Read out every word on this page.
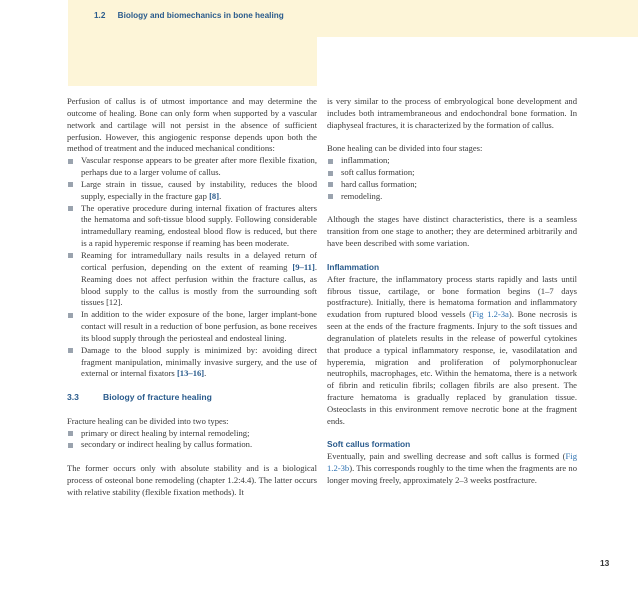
1.2 Biology and biomechanics in bone healing

Perfusion of callus is of utmost importance and may determine the outcome of healing. Bone can only form when supported by a vascular network and cartilage will not persist in the absence of sufficient perfusion. However, this angiogenic response depends upon both the method of treatment and the induced mechanical conditions:

Vascular response appears to be greater after more flexible fixation, perhaps due to a larger volume of callus.
Large strain in tissue, caused by instability, reduces the blood supply, especially in the fracture gap [8].
The operative procedure during internal fixation of fractures alters the hematoma and soft-tissue blood supply. Following considerable intramedullary reaming, endosteal blood flow is reduced, but there is a rapid hyperemic response if reaming has been moderate.
Reaming for intramedullary nails results in a delayed return of cortical perfusion, depending on the extent of reaming [9–11]. Reaming does not affect perfusion within the fracture callus, as blood supply to the callus is mostly from the surrounding soft tissues [12].
In addition to the wider exposure of the bone, larger implant-bone contact will result in a reduction of bone perfusion, as bone receives its blood supply through the periosteal and endosteal lining.
Damage to the blood supply is minimized by: avoiding direct fragment manipulation, minimally invasive surgery, and the use of external or internal fixators [13–16].
3.3	Biology of fracture healing

Fracture healing can be divided into two types:

primary or direct healing by internal remodeling;
secondary or indirect healing by callus formation.

The former occurs only with absolute stability and is a biological process of osteonal bone remodeling (chapter 1.2:4.4). The latter occurs with relative stability (flexible fixation methods). It

is very similar to the process of embryological bone development and includes both intramembraneous and endochondral bone formation. In diaphyseal fractures, it is characterized by the formation of callus.

Bone healing can be divided into four stages:

inflammation;
soft callus formation;
hard callus formation;
remodeling.

Although the stages have distinct characteristics, there is a seamless transition from one stage to another; they are determined arbitrarily and have been described with some variation.

Inflammation

After fracture, the inflammatory process starts rapidly and lasts until fibrous tissue, cartilage, or bone formation begins (1–7 days postfracture). Initially, there is hematoma formation and inflammatory exudation from ruptured blood vessels (Fig 1.2-3a). Bone necrosis is seen at the ends of the fracture fragments. Injury to the soft tissues and degranulation of platelets results in the release of powerful cytokines that produce a typical inflammatory response, ie, vasodilatation and hyperemia, migration and proliferation of polymorphonuclear neutrophils, macrophages, etc. Within the hematoma, there is a network of fibrin and reticulin fibrils; collagen fibrils are also present. The fracture hematoma is gradually replaced by granulation tissue. Osteoclasts in this environment remove necrotic bone at the fragment ends.

Soft callus formation

Eventually, pain and swelling decrease and soft callus is formed (Fig 1.2-3b). This corresponds roughly to the time when the fragments are no longer moving freely, approximately 2–3 weeks postfracture.

13
